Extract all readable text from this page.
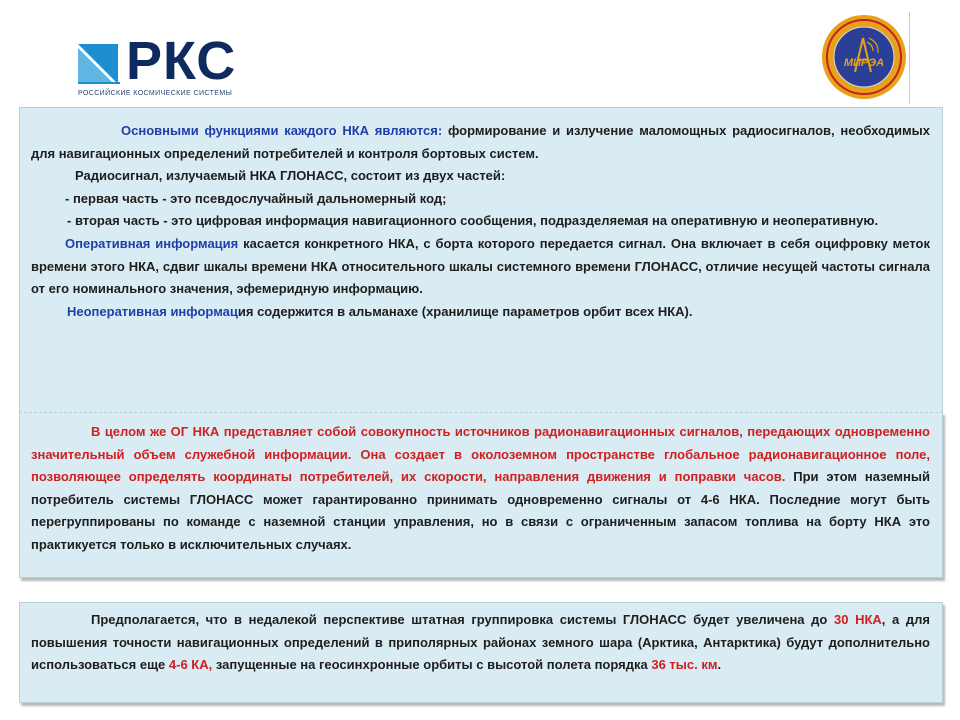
РКС
РОССИЙСКИЕ КОСМИЧЕСКИЕ СИСТЕМЫ
МИРЭА

Основными функциями каждого НКА являются: формирование и излучение маломощных радиосигналов, необходимых для навигационных определений потребителей и контроля бортовых систем.

Радиосигнал, излучаемый НКА ГЛОНАСС, состоит из двух частей:

- первая часть - это псевдослучайный дальномерный код;

- вторая часть - это цифровая информация навигационного сообщения, подразделяемая на оперативную и неоперативную.

Оперативная информация касается конкретного НКА, с борта которого передается сигнал. Она включает в себя оцифровку меток времени этого НКА, сдвиг шкалы времени НКА относительного шкалы системного времени ГЛОНАСС, отличие несущей частоты сигнала от его номинального значения, эфемеридную информацию.

Неоперативная информация содержится в альманахе (хранилище параметров орбит всех НКА).

В целом же ОГ НКА представляет собой совокупность источников радионавигационных сигналов, передающих одновременно значительный объем служебной информации. Она создает в околоземном пространстве глобальное радионавигационное поле, позволяющее определять координаты потребителей, их скорости, направления движения и поправки часов. При этом наземный потребитель системы ГЛОНАСС может гарантированно принимать одновременно сигналы от 4-6 НКА. Последние могут быть перегруппированы по команде с наземной станции управления, но в связи с ограниченным запасом топлива на борту НКА это практикуется только в исключительных случаях.

Предполагается, что в недалекой перспективе штатная группировка системы ГЛОНАСС будет увеличена до 30 НКА, а для повышения точности навигационных определений в приполярных районах земного шара (Арктика, Антарктика) будут дополнительно использоваться еще 4-6 КА, запущенные на геосинхронные орбиты с высотой полета порядка 36 тыс. км.
